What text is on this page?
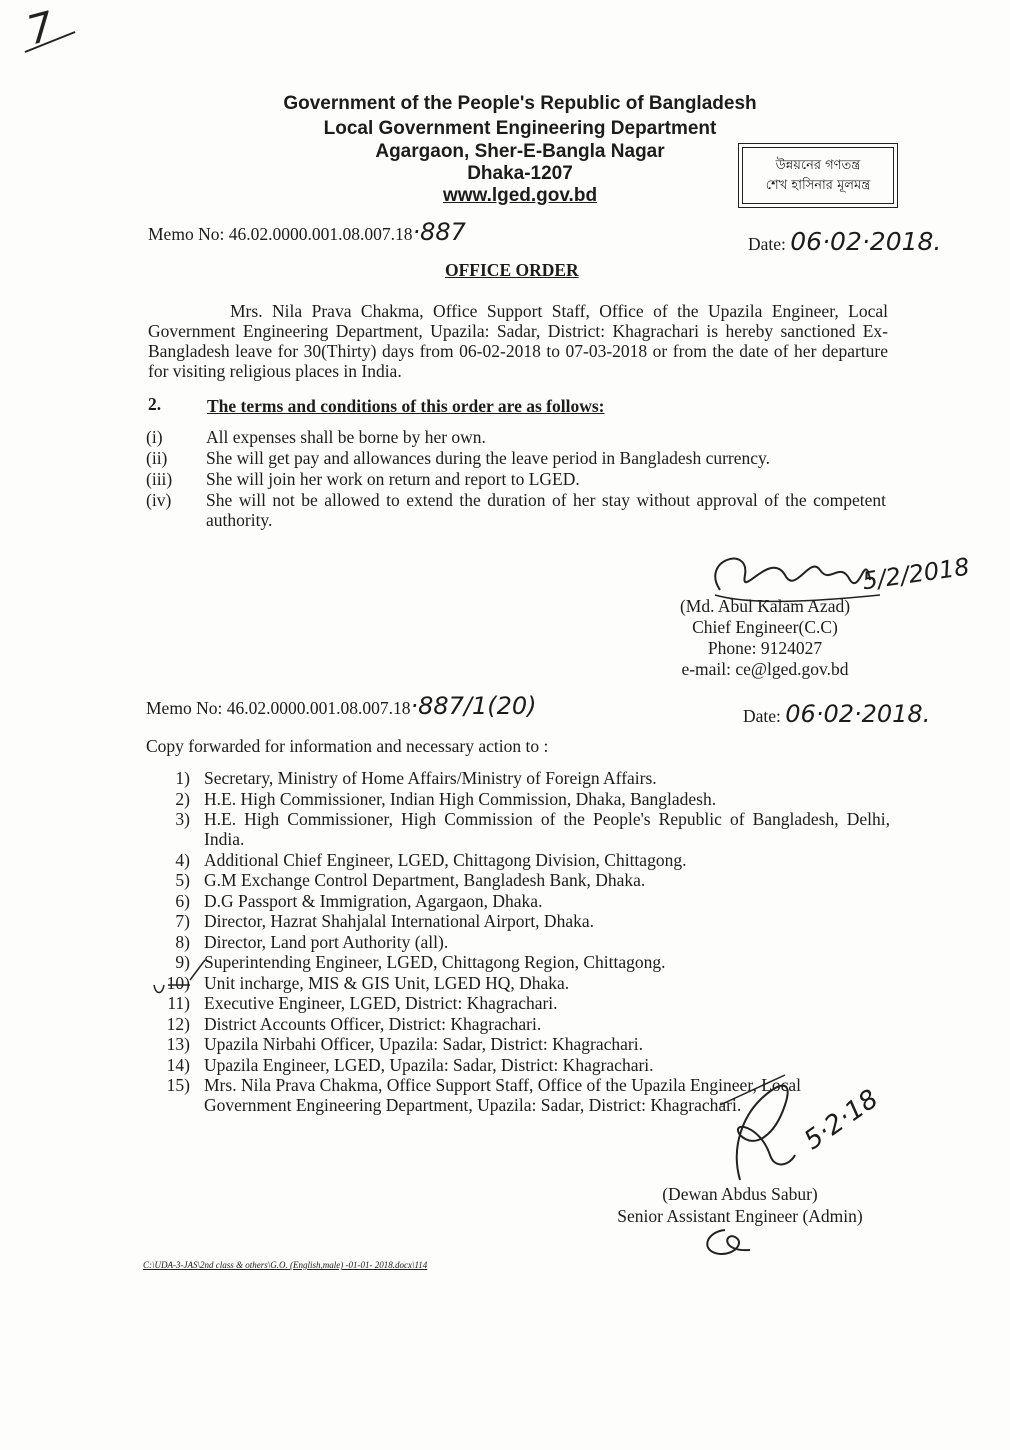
7
Government of the People's Republic of Bangladesh
Local Government Engineering Department
Agargaon, Sher-E-Bangla Nagar
Dhaka-1207
www.lged.gov.bd
উন্নয়নের গণতন্ত্র
শেখ হাসিনার মূলমন্ত্র
Memo No: 46.02.0000.001.08.007.18·887	Date: 06·02·2018.
OFFICE ORDER
Mrs. Nila Prava Chakma, Office Support Staff, Office of the Upazila Engineer, Local Government Engineering Department, Upazila: Sadar, District: Khagrachari is hereby sanctioned Ex-Bangladesh leave for 30(Thirty) days from 06-02-2018 to 07-03-2018 or from the date of her departure for visiting religious places in India.
2.	The terms and conditions of this order are as follows:
(i)	All expenses shall be borne by her own.
(ii)	She will get pay and allowances during the leave period in Bangladesh currency.
(iii)	She will join her work on return and report to LGED.
(iv)	She will not be allowed to extend the duration of her stay without approval of the competent authority.
5/2/2018
(Md. Abul Kalam Azad)
Chief Engineer(C.C)
Phone: 9124027
e-mail: ce@lged.gov.bd
Memo No: 46.02.0000.001.08.007.18·887/1(20)	Date: 06·02·2018.
Copy forwarded for information and necessary action to :
1) Secretary, Ministry of Home Affairs/Ministry of Foreign Affairs.
2) H.E. High Commissioner, Indian High Commission, Dhaka, Bangladesh.
3) H.E. High Commissioner, High Commission of the People's Republic of Bangladesh, Delhi, India.
4) Additional Chief Engineer, LGED, Chittagong Division, Chittagong.
5) G.M Exchange Control Department, Bangladesh Bank, Dhaka.
6) D.G Passport & Immigration, Agargaon, Dhaka.
7) Director, Hazrat Shahjalal International Airport, Dhaka.
8) Director, Land port Authority (all).
9) Superintending Engineer, LGED, Chittagong Region, Chittagong.
10) Unit incharge, MIS & GIS Unit, LGED HQ, Dhaka.
11) Executive Engineer, LGED, District: Khagrachari.
12) District Accounts Officer, District: Khagrachari.
13) Upazila Nirbahi Officer, Upazila: Sadar, District: Khagrachari.
14) Upazila Engineer, LGED, Upazila: Sadar, District: Khagrachari.
15) Mrs. Nila Prava Chakma, Office Support Staff, Office of the Upazila Engineer, Local Government Engineering Department, Upazila: Sadar, District: Khagrachari.	5·2·18
(Dewan Abdus Sabur)
Senior Assistant Engineer (Admin)
C:\UDA-3-JAS\2nd class & others\G.O. (English,male) -01-01- 2018.docx\114
